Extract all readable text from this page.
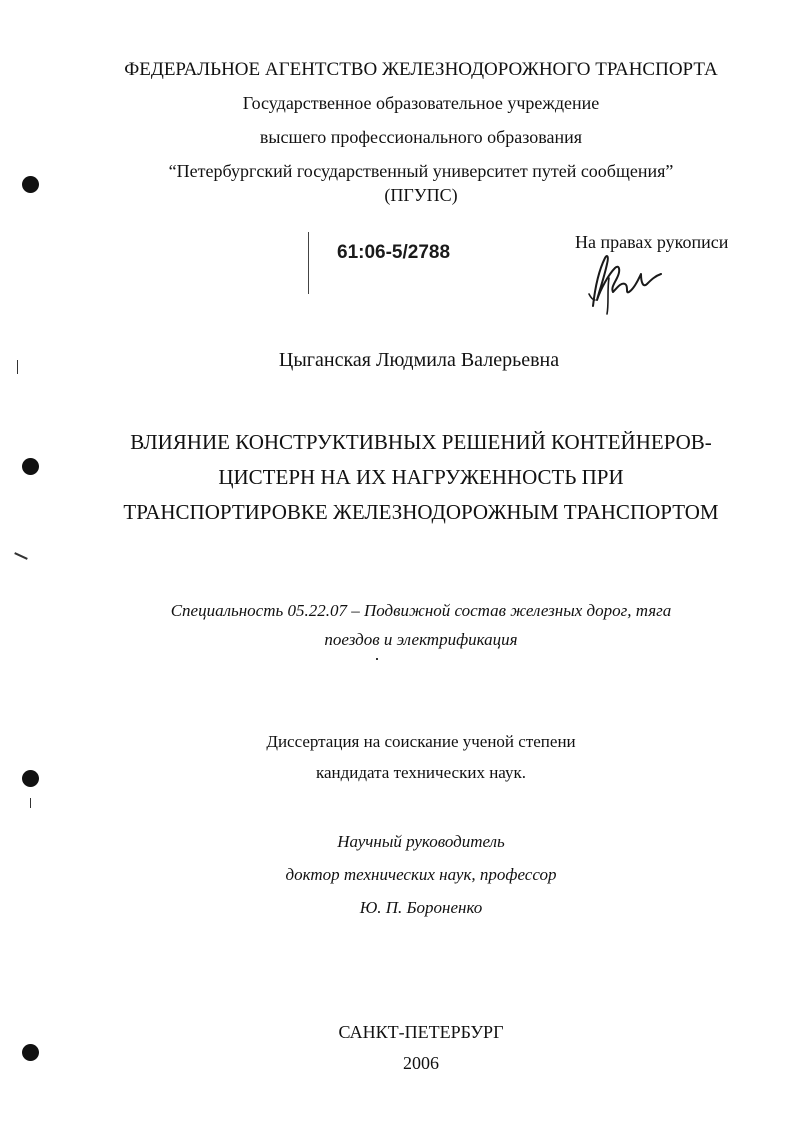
ФЕДЕРАЛЬНОЕ АГЕНТСТВО ЖЕЛЕЗНОДОРОЖНОГО ТРАНСПОРТА
Государственное образовательное учреждение
высшего профессионального образования
“Петербургский государственный университет путей сообщения”
(ПГУПС)
61:06-5/2788	На правах рукописи
Цыганская Людмила Валерьевна
ВЛИЯНИЕ КОНСТРУКТИВНЫХ РЕШЕНИЙ КОНТЕЙНЕРОВ-
ЦИСТЕРН НА ИХ НАГРУЖЕННОСТЬ ПРИ
ТРАНСПОРТИРОВКЕ ЖЕЛЕЗНОДОРОЖНЫМ ТРАНСПОРТОМ
Специальность 05.22.07 – Подвижной состав железных дорог, тяга
поездов и электрификация
Диссертация на соискание ученой степени
кандидата технических наук.
Научный руководитель
доктор технических наук, профессор
Ю. П. Бороненко
САНКТ-ПЕТЕРБУРГ
2006
